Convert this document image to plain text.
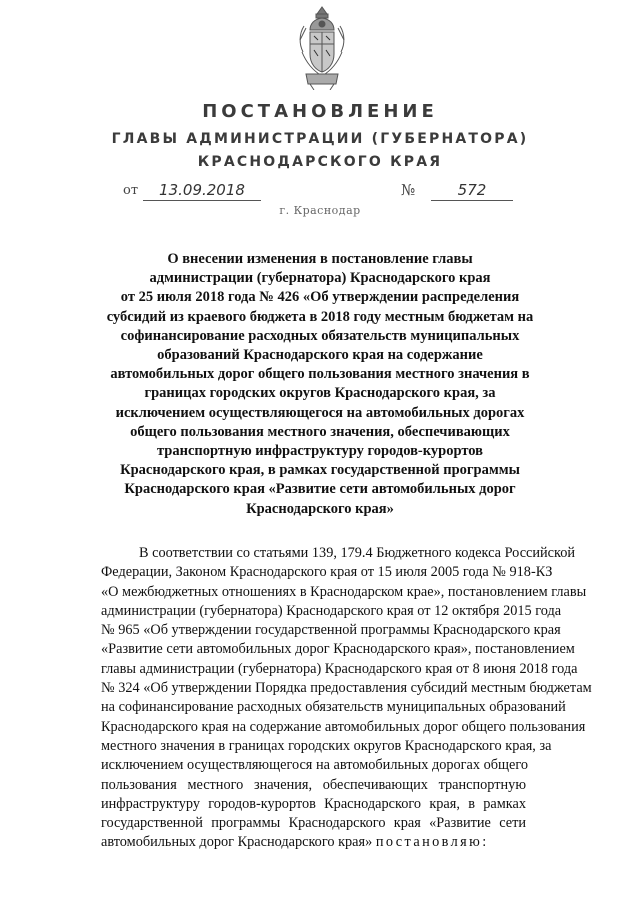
ПОСТАНОВЛЕНИЕ
ГЛАВЫ АДМИНИСТРАЦИИ (ГУБЕРНАТОРА)
КРАСНОДАРСКОГО КРАЯ
от	13.09.2018	№	572
г. Краснодар
О внесении изменения в постановление главы
администрации (губернатора) Краснодарского края
от 25 июля 2018 года № 426 «Об утверждении распределения
субсидий из краевого бюджета в 2018 году местным бюджетам на
софинансирование расходных обязательств муниципальных
образований Краснодарского края на содержание
автомобильных дорог общего пользования местного значения в
границах городских округов Краснодарского края, за
исключением осуществляющегося на автомобильных дорогах
общего пользования местного значения, обеспечивающих
транспортную инфраструктуру городов-курортов
Краснодарского края, в рамках государственной программы
Краснодарского края «Развитие сети автомобильных дорог
Краснодарского края»
В соответствии со статьями 139, 179.4 Бюджетного кодекса Российской
Федерации, Законом Краснодарского края от 15 июля 2005 года № 918-КЗ
«О межбюджетных отношениях в Краснодарском крае», постановлением главы
администрации (губернатора) Краснодарского края от 12 октября 2015 года
№ 965 «Об утверждении государственной программы Краснодарского края
«Развитие сети автомобильных дорог Краснодарского края», постановлением
главы администрации (губернатора) Краснодарского края от 8 июня 2018 года
№ 324 «Об утверждении Порядка предоставления субсидий местным бюджетам
на софинансирование расходных обязательств муниципальных образований
Краснодарского края на содержание автомобильных дорог общего пользования
местного значения в границах городских округов Краснодарского края, за
исключением осуществляющегося на автомобильных дорогах общего
пользования местного значения, обеспечивающих транспортную
инфраструктуру городов-курортов Краснодарского края, в рамках
государственной программы Краснодарского края «Развитие сети
автомобильных дорог Краснодарского края» постановляю:
